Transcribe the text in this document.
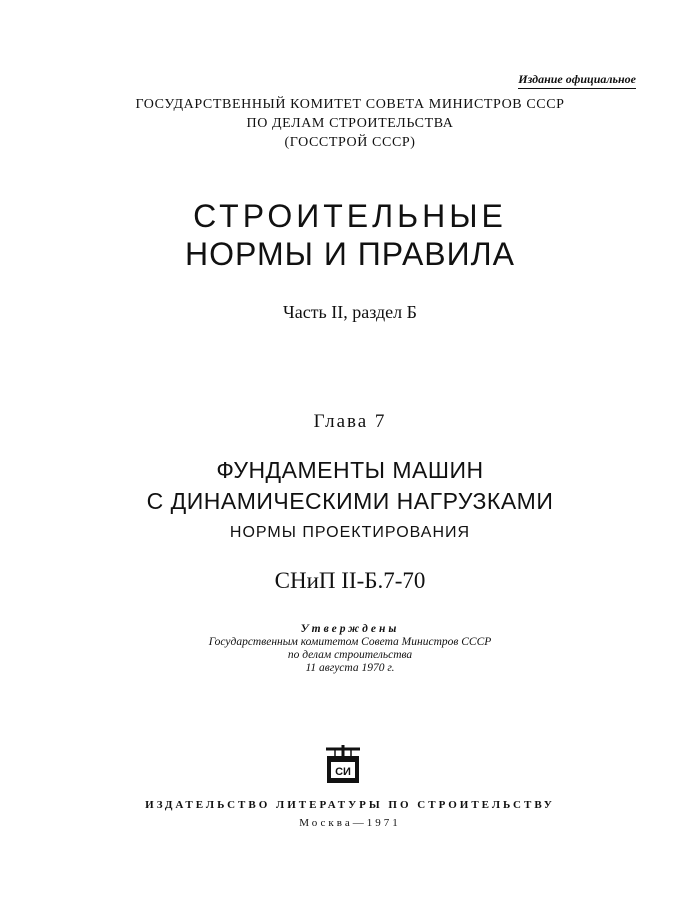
Издание официальное
ГОСУДАРСТВЕННЫЙ КОМИТЕТ СОВЕТА МИНИСТРОВ СССР
ПО ДЕЛАМ СТРОИТЕЛЬСТВА
(ГОССТРОЙ СССР)
СТРОИТЕЛЬНЫЕ
НОРМЫ И ПРАВИЛА
Часть II, раздел Б
Глава 7
ФУНДАМЕНТЫ МАШИН
С ДИНАМИЧЕСКИМИ НАГРУЗКАМИ
НОРМЫ ПРОЕКТИРОВАНИЯ
СНиП II-Б.7-70
Утверждены
Государственным комитетом Совета Министров СССР
по делам строительства
11 августа 1970 г.
СИ
ИЗДАТЕЛЬСТВО ЛИТЕРАТУРЫ ПО СТРОИТЕЛЬСТВУ
Москва—1971
